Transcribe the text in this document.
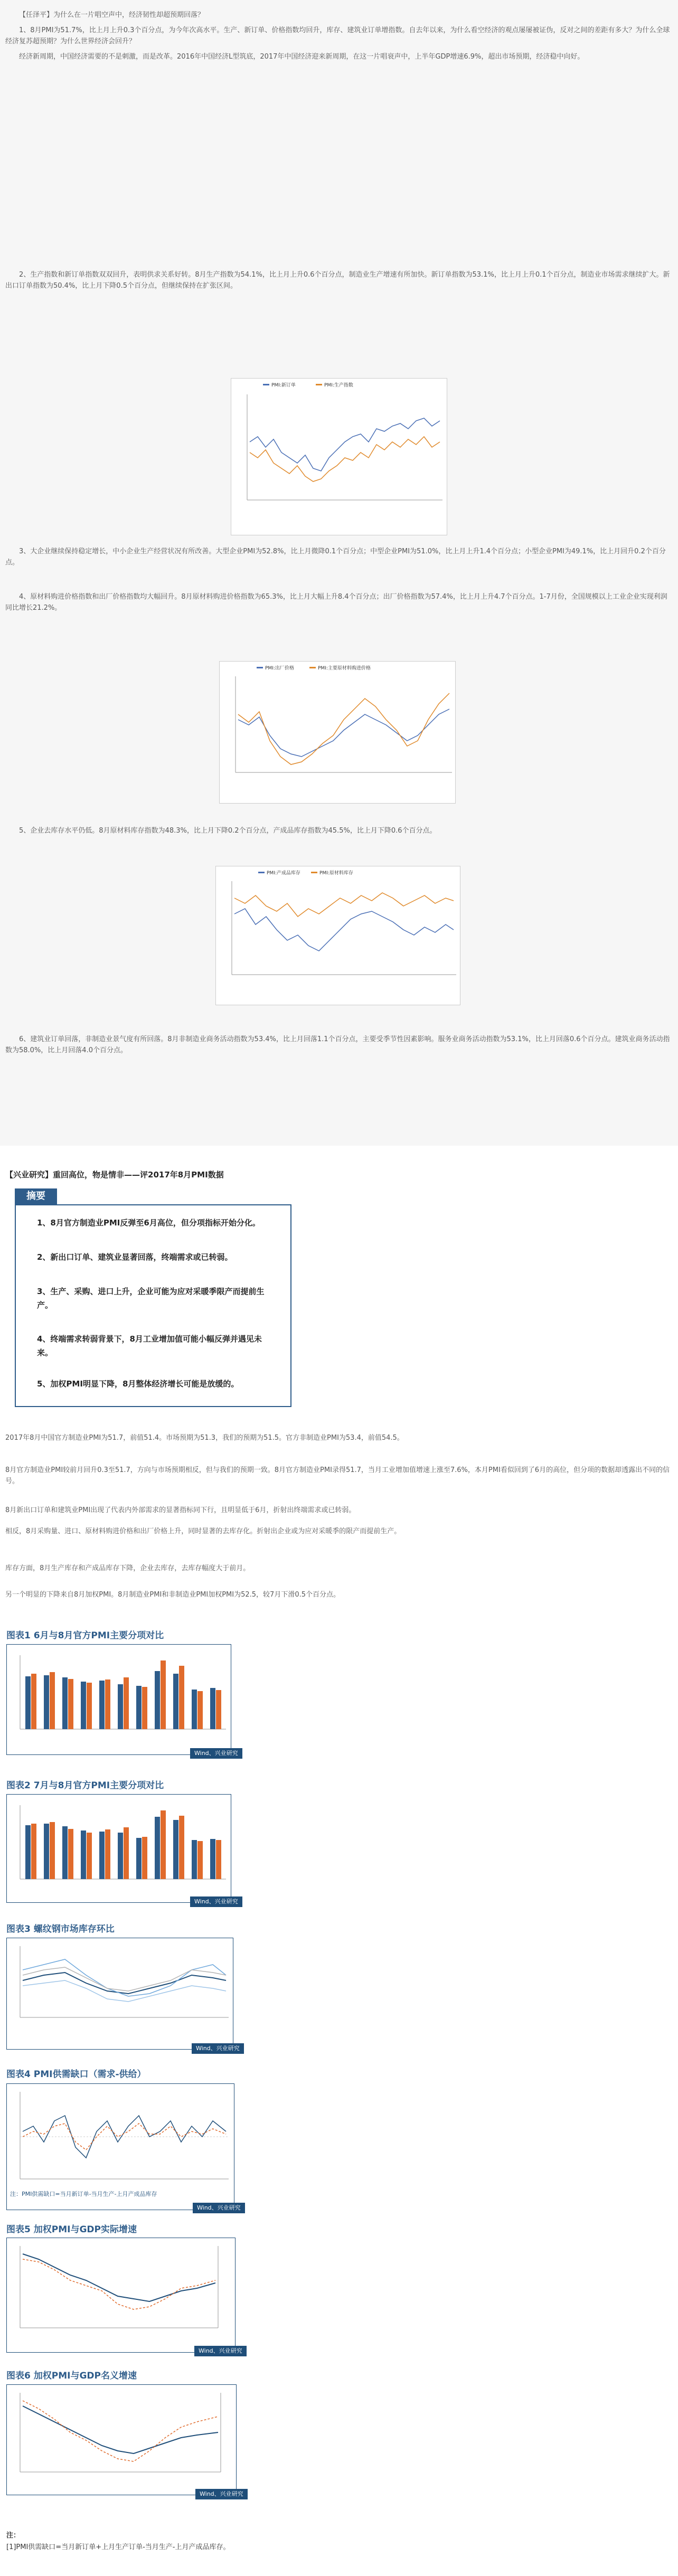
【任泽平】为什么在一片唱空声中，经济韧性却超预期回落？

1、8月PMI为51.7%，比上月上升0.3个百分点，为今年次高水平。生产、新订单、价格指数均回升，库存、建筑业订单增指数。自去年以来，为什么看空经济的观点屡屡被证伪，反对之间的差距有多大？为什么全球经济复苏超预期？为什么世界经济会回升？

经济新周期，中国经济需要的不是刺激，而是改革。2016年中国经济L型筑底，2017年中国经济迎来新周期，在这一片唱衰声中，上半年GDP增速6.9%，超出市场预期，经济稳中向好。

2、生产指数和新订单指数双双回升，表明供求关系好转。8月生产指数为54.1%，比上月上升0.6个百分点，制造业生产增速有所加快。新订单指数为53.1%，比上月上升0.1个百分点，制造业市场需求继续扩大。新出口订单指数为50.4%，比上月下降0.5个百分点，但继续保持在扩张区间。

PMI:新订单	PMI:生产指数

3、大企业继续保持稳定增长，中小企业生产经营状况有所改善。大型企业PMI为52.8%，比上月微降0.1个百分点；中型企业PMI为51.0%，比上月上升1.4个百分点；小型企业PMI为49.1%，比上月回升0.2个百分点。

4、原材料购进价格指数和出厂价格指数均大幅回升。8月原材料购进价格指数为65.3%，比上月大幅上升8.4个百分点；出厂价格指数为57.4%，比上月上升4.7个百分点。1-7月份，全国规模以上工业企业实现利润同比增长21.2%。

PMI:出厂价格	PMI:主要原材料购进价格

5、企业去库存水平仍低。8月原材料库存指数为48.3%，比上月下降0.2个百分点，产成品库存指数为45.5%，比上月下降0.6个百分点。

PMI:产成品库存	PMI:原材料库存

6、建筑业订单回落，非制造业景气度有所回落。8月非制造业商务活动指数为53.4%，比上月回落1.1个百分点，主要受季节性因素影响。服务业商务活动指数为53.1%，比上月回落0.6个百分点。建筑业商务活动指数为58.0%，比上月回落4.0个百分点。

【兴业研究】重回高位，物是情非——评2017年8月PMI数据
摘要
1、8月官方制造业PMI反弹至6月高位，但分项指标开始分化。
2、新出口订单、建筑业显著回落，终端需求或已转弱。
3、生产、采购、进口上升，企业可能为应对采暖季限产而提前生产。
4、终端需求转弱背景下，8月工业增加值可能小幅反弹并遇见未来。
5、加权PMI明显下降，8月整体经济增长可能是放缓的。
2017年8月中国官方制造业PMI为51.7，前值51.4。市场预期为51.3，我们的预期为51.5。官方非制造业PMI为53.4，前值54.5。
8月官方制造业PMI较前月回升0.3至51.7，方向与市场预期相反，但与我们的预期一致。8月官方制造业PMI录得51.7，当月工业增加值增速上涨至7.6%，本月PMI看似回到了6月的高位，但分项的数据却透露出不同的信号。
8月新出口订单和建筑业PMI出现了代表内外部需求的显著指标同下行，且明显低于6月，折射出终端需求或已转弱。
相反，8月采购量、进口、原材料购进价格和出厂价格上升，同时显著的去库存化。折射出企业或为应对采暖季的限产而提前生产。
库存方面，8月生产库存和产成品库存下降，企业去库存，去库存幅度大于前月。
另一个明显的下降来自8月加权PMI。8月制造业PMI和非制造业PMI加权PMI为52.5，较7月下滑0.5个百分点。
图表1 6月与8月官方PMI主要分项对比
Wind、兴业研究
图表2 7月与8月官方PMI主要分项对比
Wind、兴业研究
图表3 螺纹钢市场库存环比
Wind、兴业研究
图表4 PMI供需缺口（需求-供给）
注：PMI供需缺口=当月新订单-当月生产-上月产成品库存
Wind、兴业研究
图表5 加权PMI与GDP实际增速
Wind、兴业研究
图表6 加权PMI与GDP名义增速
Wind、兴业研究
注：
[1]PMI供需缺口=当月新订单+上月生产订单-当月生产-上月产成品库存。
